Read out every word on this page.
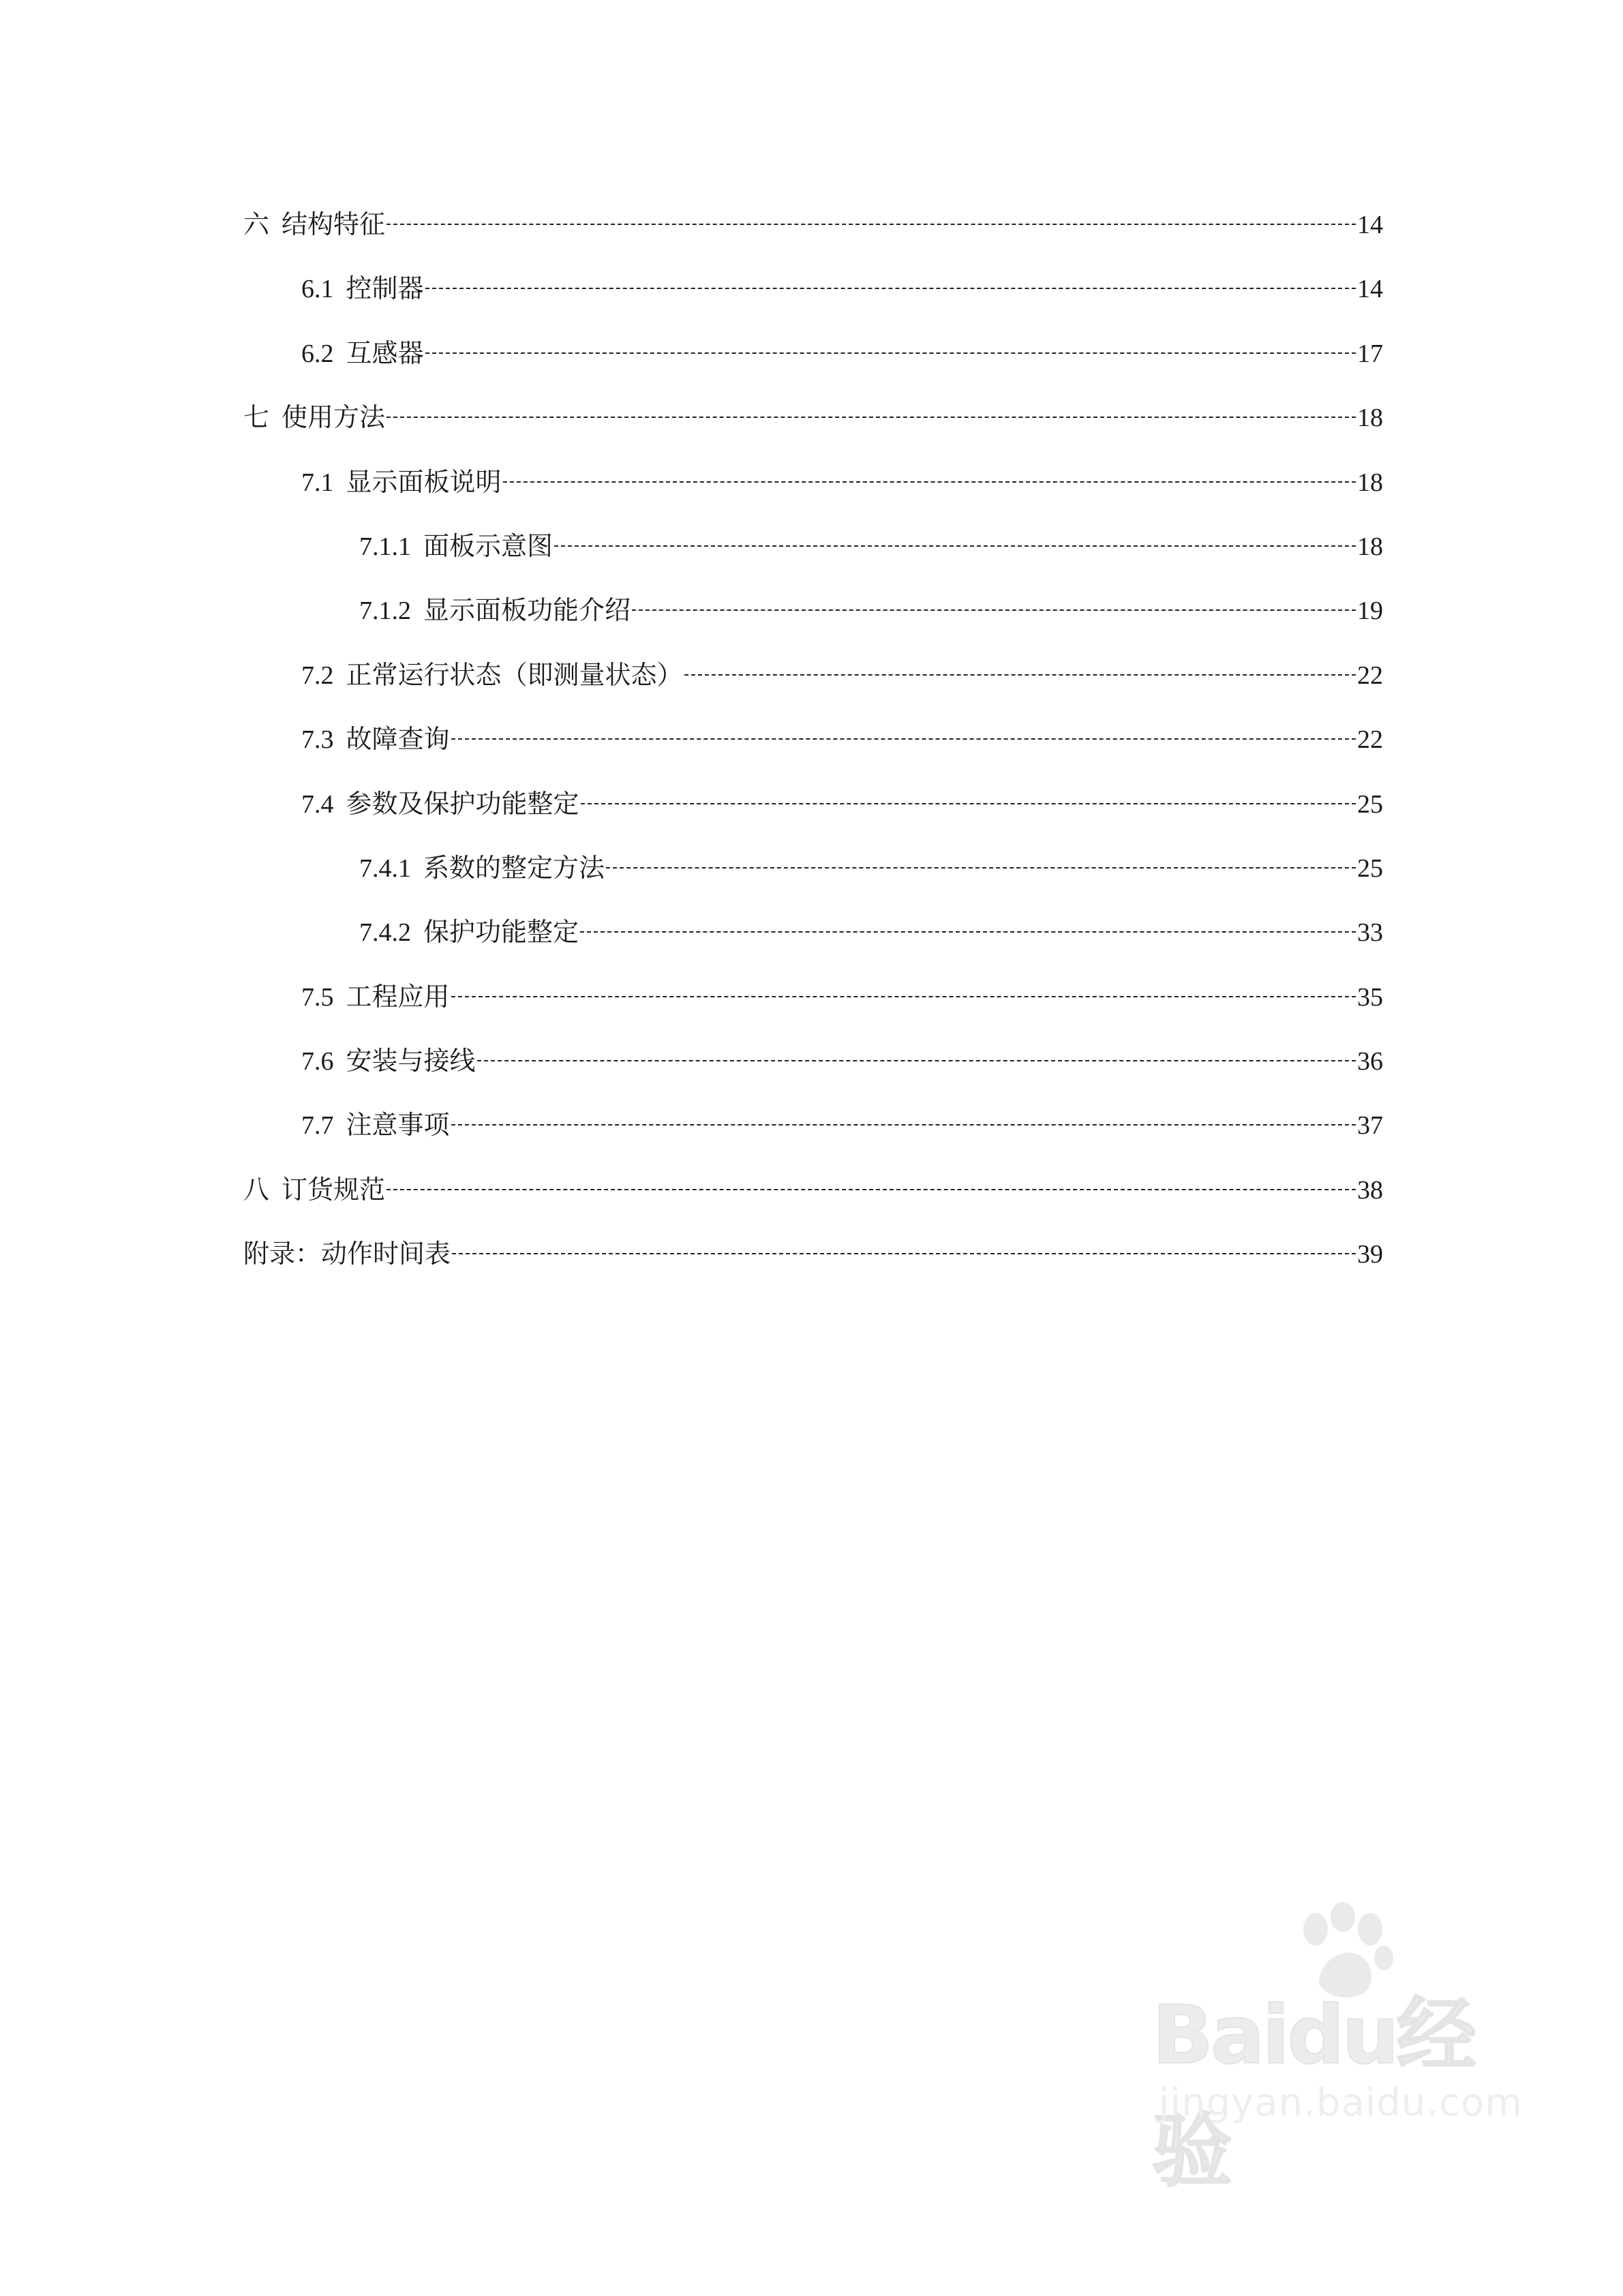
六 结构特征	14
6.1 控制器	14
6.2 互感器	17
七 使用方法	18
7.1 显示面板说明	18
7.1.1 面板示意图	18
7.1.2 显示面板功能介绍	19
7.2 正常运行状态（即测量状态）	22
7.3 故障查询	22
7.4 参数及保护功能整定	25
7.4.1 系数的整定方法	25
7.4.2 保护功能整定	33
7.5 工程应用	35
7.6 安装与接线	36
7.7 注意事项	37
八 订货规范	38
附录：动作时间表	39
Baidu经验
jingyan.baidu.com
